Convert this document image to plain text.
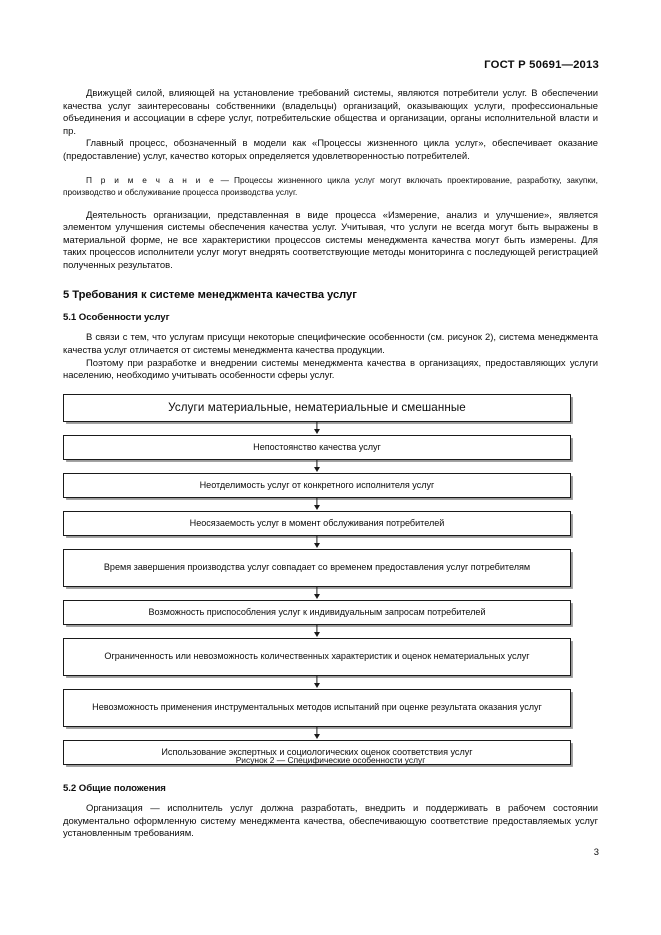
ГОСТ Р 50691—2013

Движущей силой, влияющей на установление требований системы, являются потребители услуг. В обеспечении качества услуг заинтересованы собственники (владельцы) организаций, оказывающих услуги, профессиональные объединения и ассоциации в сфере услуг, потребительские общества и организации, органы исполнительной власти и пр.

Главный процесс, обозначенный в модели как «Процессы жизненного цикла услуг», обеспечивает оказание (предоставление) услуг, качество которых определяется удовлетворенностью потребителей.

П р и м е ч а н и е — Процессы жизненного цикла услуг могут включать проектирование, разработку, закупки, производство и обслуживание процесса производства услуг.

Деятельность организации, представленная в виде процесса «Измерение, анализ и улучшение», является элементом улучшения системы обеспечения качества услуг. Учитывая, что услуги не всегда могут быть выражены в материальной форме, не все характеристики процессов системы менеджмента качества могут быть измерены. Для таких процессов исполнители услуг могут внедрять соответствующие методы мониторинга с последующей регистрацией полученных результатов.

5 Требования к системе менеджмента качества услуг
5.1 Особенности услуг

В связи с тем, что услугам присущи некоторые специфические особенности (см. рисунок 2), система менеджмента качества услуг отличается от системы менеджмента качества продукции.

Поэтому при разработке и внедрении системы менеджмента качества в организациях, предоставляющих услуги населению, необходимо учитывать особенности сферы услуг.

Услуги материальные, нематериальные и смешанные
Непостоянство качества услуг
Неотделимость услуг от конкретного исполнителя услуг
Неосязаемость услуг в момент обслуживания потребителей
Время завершения производства услуг совпадает со временем предоставления услуг потребителям
Возможность приспособления услуг к индивидуальным запросам потребителей
Ограниченность или невозможность количественных характеристик и оценок нематериальных услуг
Невозможность применения инструментальных методов испытаний при оценке результата оказания услуг
Использование экспертных и социологических оценок соответствия услуг
Рисунок 2 — Специфические особенности услуг
5.2 Общие положения

Организация — исполнитель услуг должна разработать, внедрить и поддерживать в рабочем состоянии документально оформленную систему менеджмента качества, обеспечивающую соответствие предоставляемых услуг установленным требованиям.

3
